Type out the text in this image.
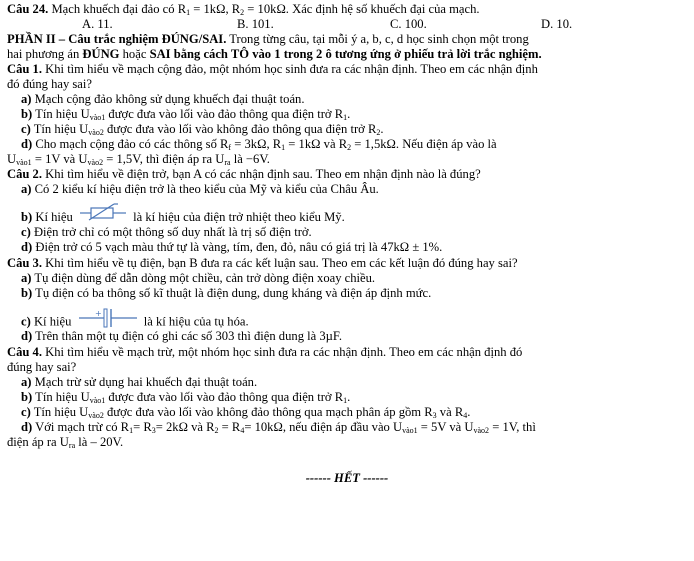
Câu 24. Mạch khuếch đại đảo có $R_1 = 1k\Omega$, $R_2 = 10k\Omega$. Xác định hệ số khuếch đại của mạch.
A. 11.	B. 101.	C. 100.	D. 10.
PHẦN II – Câu trắc nghiệm ĐÚNG/SAI. Trong từng câu, tại mỗi ý a, b, c, d học sinh chọn một trong
hai phương án ĐÚNG hoặc SAI bằng cách TÔ vào 1 trong 2 ô tương ứng ở phiếu trả lời trắc nghiệm.
Câu 1. Khi tìm hiểu về mạch cộng đảo, một nhóm học sinh đưa ra các nhận định. Theo em các nhận định
đó đúng hay sai?
a) Mạch cộng đảo không sử dụng khuếch đại thuật toán.
b) Tín hiệu $U_{vào1}$ được đưa vào lối vào đảo thông qua điện trở $R_1$.
c) Tín hiệu $U_{vào2}$ được đưa vào lối vào không đảo thông qua điện trở $R_2$.
d) Cho mạch cộng đảo có các thông số $R_f = 3k\Omega$, $R_1 = 1k\Omega$ và $R_2 = 1,5k\Omega$. Nếu điện áp vào là
$U_{vào1} = 1V$ và $U_{vào2} = 1,5V$, thì điện áp ra $U_{ra}$ là −6V.
Câu 2. Khi tìm hiểu về điện trở, bạn A có các nhận định sau. Theo em nhận định nào là đúng?
a) Có 2 kiểu kí hiệu điện trở là theo kiểu của Mỹ và kiểu của Châu Âu.
b) Kí hiệu	là kí hiệu của điện trở nhiệt theo kiểu Mỹ.
c) Điện trở chỉ có một thông số duy nhất là trị số điện trở.
d) Điện trở có 5 vạch màu thứ tự là vàng, tím, đen, đỏ, nâu có giá trị là 47kΩ ± 1%.
Câu 3. Khi tìm hiểu về tụ điện, bạn B đưa ra các kết luận sau. Theo em các kết luận đó đúng hay sai?
a) Tụ điện dùng để dẫn dòng một chiều, cản trở dòng điện xoay chiều.
b) Tụ điện có ba thông số kĩ thuật là điện dung, dung kháng và điện áp định mức.
c) Kí hiệu
+
là kí hiệu của tụ hóa.
d) Trên thân một tụ điện có ghi các số 303 thì điện dung là 3µF.
Câu 4. Khi tìm hiểu về mạch trừ, một nhóm học sinh đưa ra các nhận định. Theo em các nhận định đó
đúng hay sai?
a) Mạch trừ sử dụng hai khuếch đại thuật toán.
b) Tín hiệu $U_{vào1}$ được đưa vào lối vào đảo thông qua điện trở $R_1$.
c) Tín hiệu $U_{vào2}$ được đưa vào lối vào không đảo thông qua mạch phân áp gồm $R_3$ và $R_4$.
d) Với mạch trừ có $R_1= R_3= 2k\Omega$ và $R_2 = R_4= 10k\Omega$, nếu điện áp đầu vào $U_{vào1} = 5V$ và $U_{vào2} = 1V$, thì
điện áp ra $U_{ra}$ là – 20V.
------ HẾT ------
